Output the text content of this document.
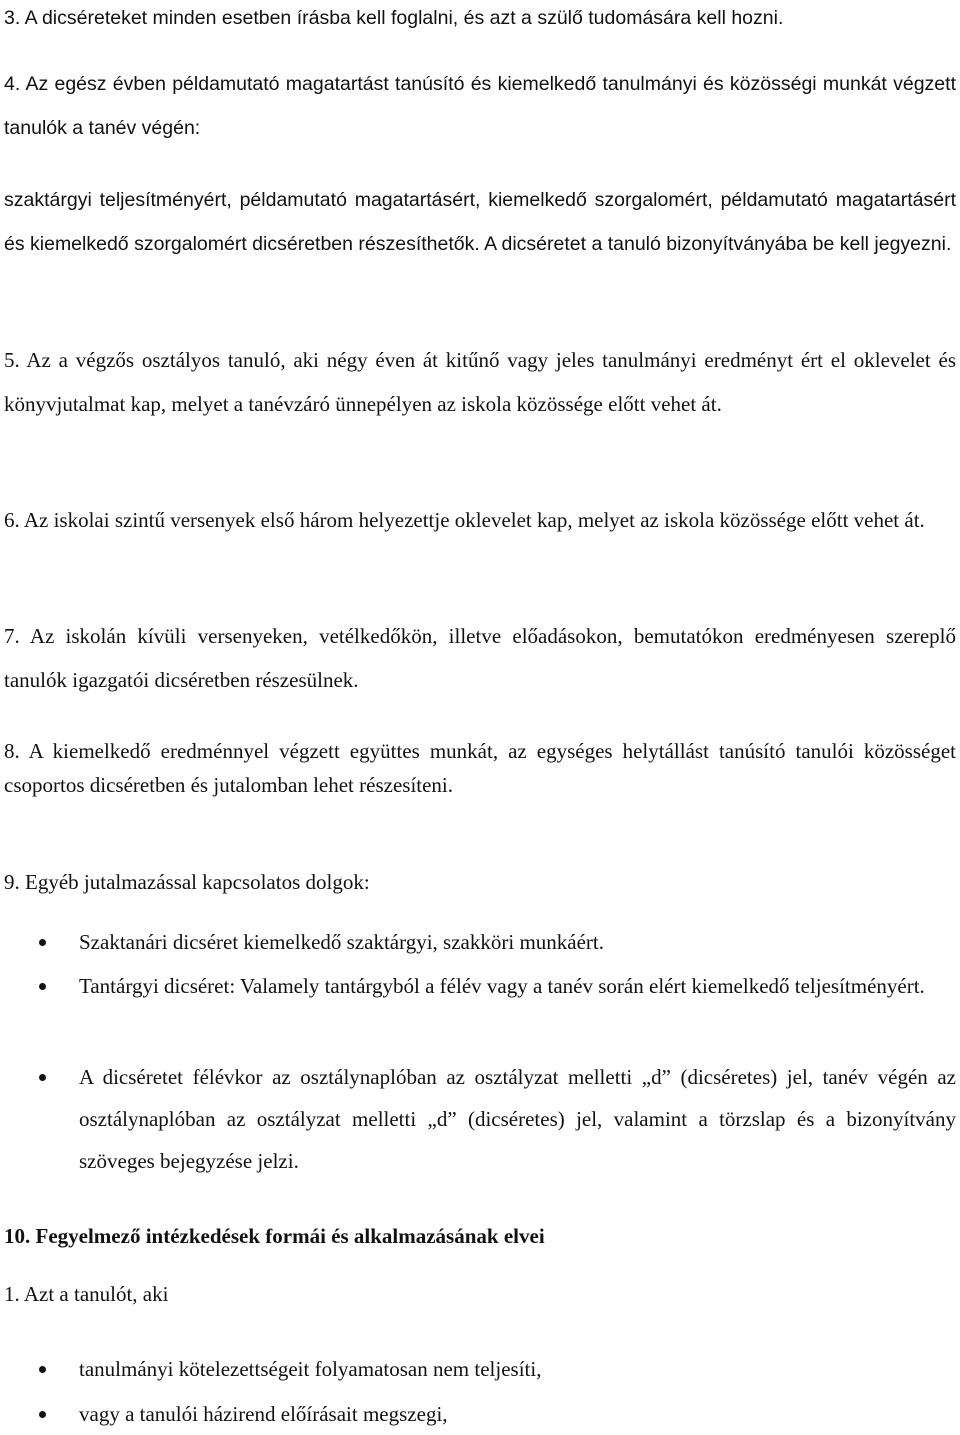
3. A dicséreteket minden esetben írásba kell foglalni, és azt a szülő tudomására kell hozni.

4. Az egész évben példamutató magatartást tanúsító és kiemelkedő tanulmányi és közösségi munkát végzett tanulók a tanév végén:

szaktárgyi teljesítményért, példamutató magatartásért, kiemelkedő szorgalomért, példamutató magatartásért és kiemelkedő szorgalomért dicséretben részesíthetők. A dicséretet a tanuló bizonyítványába be kell jegyezni.

5. Az a végzős osztályos tanuló, aki négy éven át kitűnő vagy jeles tanulmányi eredményt ért el oklevelet és könyvjutalmat kap, melyet a tanévzáró ünnepélyen az iskola közössége előtt vehet át.

6. Az iskolai szintű versenyek első három helyezettje oklevelet kap, melyet az iskola közössége előtt vehet át.

7. Az iskolán kívüli versenyeken, vetélkedőkön, illetve előadásokon, bemutatókon eredményesen szereplő tanulók igazgatói dicséretben részesülnek.

8. A kiemelkedő eredménnyel végzett együttes munkát, az egységes helytállást tanúsító tanulói közösséget csoportos dicséretben és jutalomban lehet részesíteni.

9. Egyéb jutalmazással kapcsolatos dolgok:

Szaktanári dicséret kiemelkedő szaktárgyi, szakköri munkáért.

Tantárgyi dicséret: Valamely tantárgyból a félév vagy a tanév során elért kiemelkedő teljesítményért.

A dicséretet félévkor az osztálynaplóban az osztályzat melletti „d” (dicséretes) jel, tanév végén az osztálynaplóban az osztályzat melletti „d” (dicséretes) jel, valamint a törzslap és a bizonyítvány szöveges bejegyzése jelzi.

10. Fegyelmező intézkedések formái és alkalmazásának elvei

1. Azt a tanulót, aki

tanulmányi kötelezettségeit folyamatosan nem teljesíti,

vagy a tanulói házirend előírásait megszegi,
